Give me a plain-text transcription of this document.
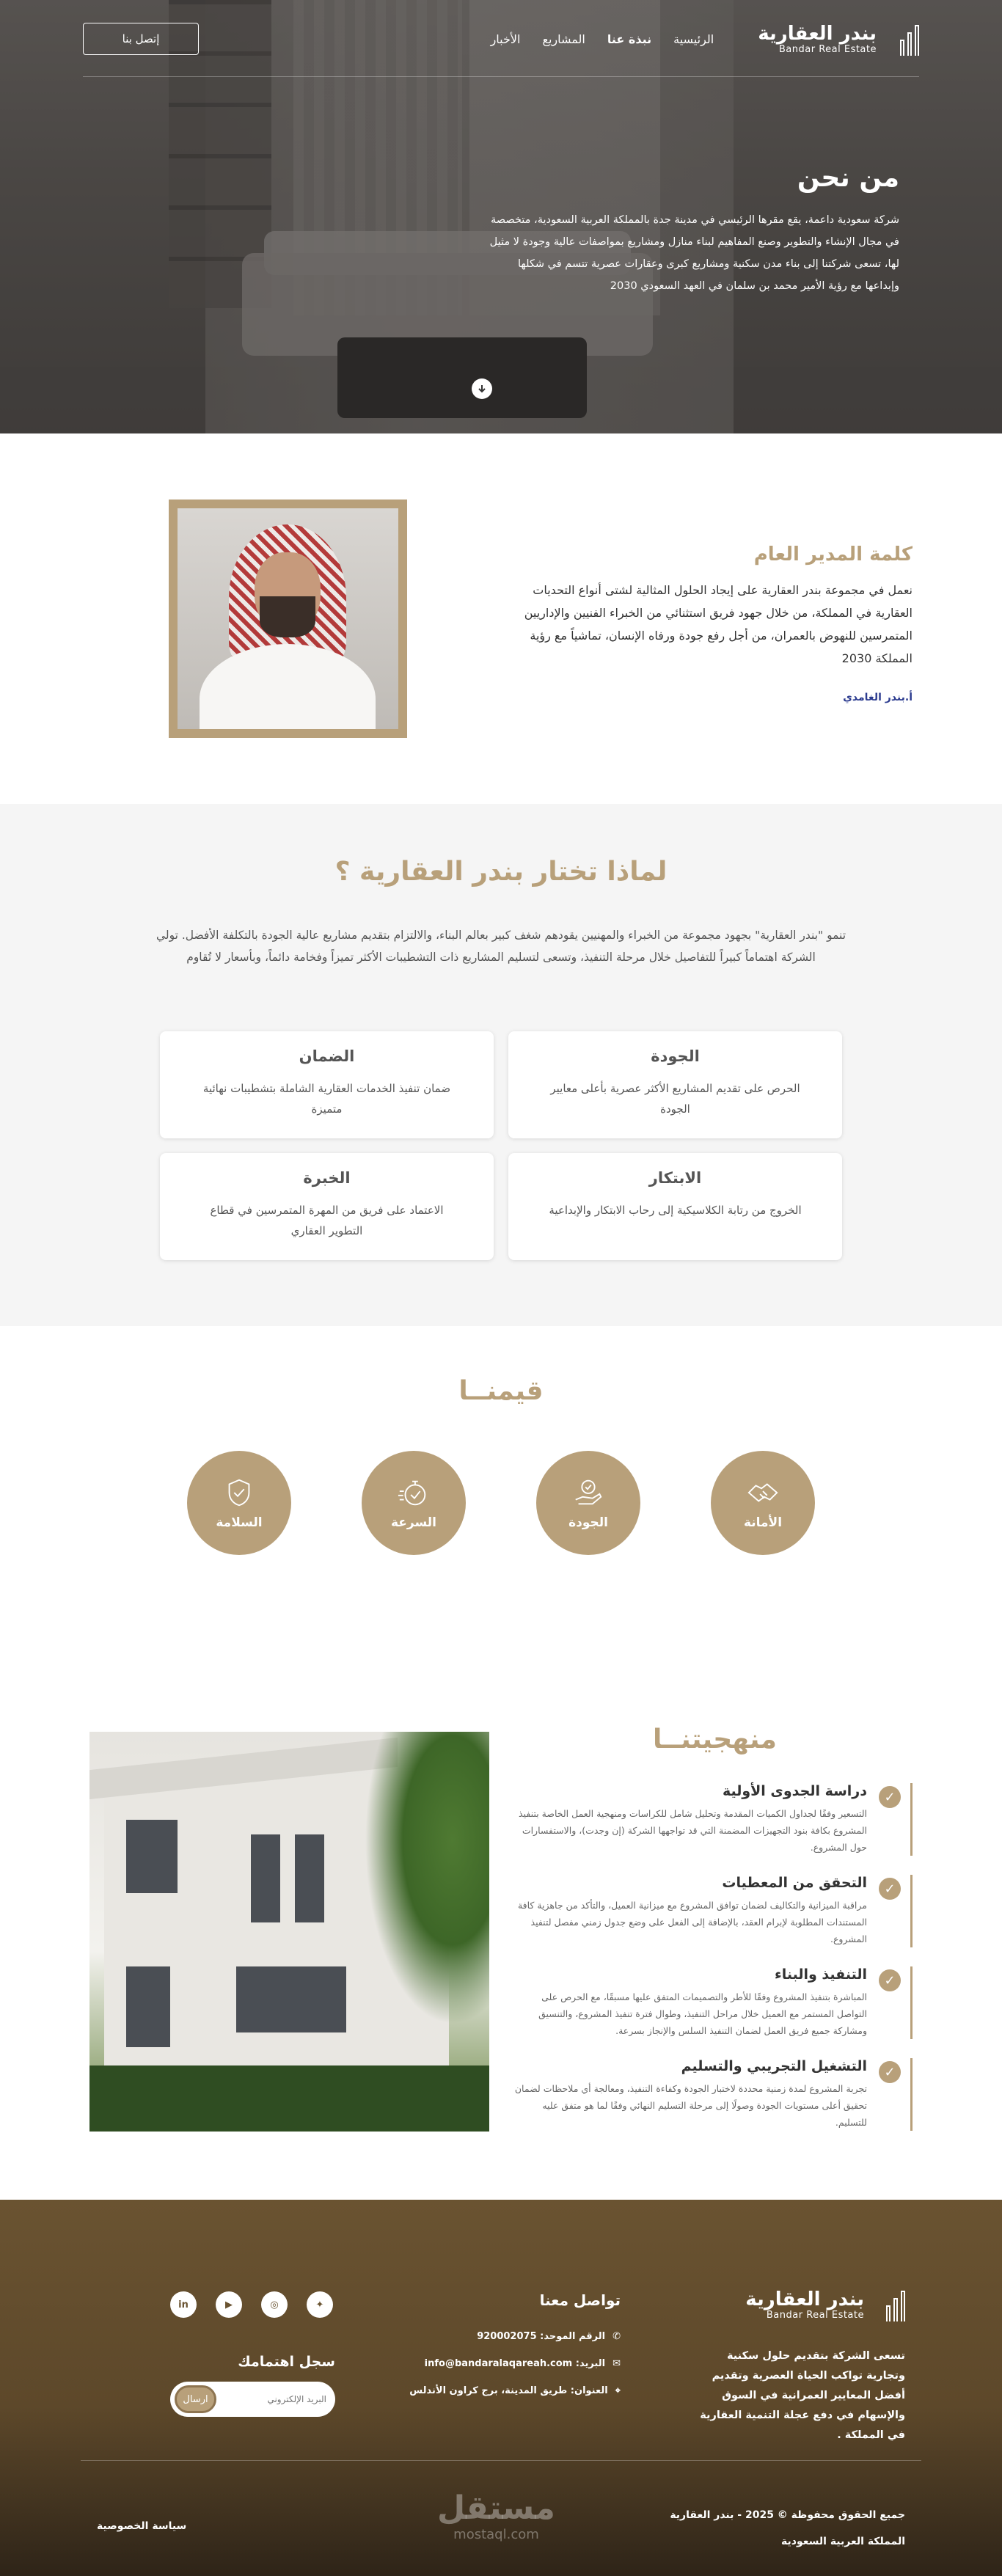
بندر العقارية
Bandar Real Estate
الرئيسية
نبذة عنا
المشاريع
الأخبار
إتصل بنا
من نحن

شركة سعودية داعمة، يقع مقرها الرئيسي في مدينة جدة بالمملكة العربية السعودية، متخصصة في مجال الإنشاء والتطوير وصنع المفاهيم لبناء منازل ومشاريع بمواصفات عالية وجودة لا مثيل لها، تسعى شركتنا إلى بناء مدن سكنية ومشاريع كبرى وعقارات عصرية تتسم في شكلها وإبداعها مع رؤية الأمير محمد بن سلمان في العهد السعودي 2030

كلمة المدير العام

نعمل في مجموعة بندر العقارية على إيجاد الحلول المثالية لشتى أنواع التحديات العقارية في المملكة، من خلال جهود فريق استثنائي من الخبراء الفنيين والإداريين المتمرسين للنهوض بالعمران، من أجل رفع جودة ورفاه الإنسان، تماشياً مع رؤية المملكة 2030

أ.بندر الغامدي

لماذا تختار بندر العقارية ؟

تنمو "بندر العقارية" بجهود مجموعة من الخبراء والمهنيين يقودهم شغف كبير بعالم البناء، والالتزام بتقديم مشاريع عالية الجودة بالتكلفة الأفضل. تولي الشركة اهتماماً كبيراً للتفاصيل خلال مرحلة التنفيذ، وتسعى لتسليم المشاريع ذات التشطيبات الأكثر تميزاً وفخامة دائماً، وبأسعار لا تُقاوم

الجودة

الحرص على تقديم المشاريع الأكثر عصرية بأعلى معايير الجودة

الضمان

ضمان تنفيذ الخدمات العقارية الشاملة بتشطيبات نهائية متميزة

الابتكار

الخروج من رتابة الكلاسيكية إلى رحاب الابتكار والإبداعية

الخبرة

الاعتماد على فريق من المهرة المتمرسين في قطاع التطوير العقاري

قيمنــا
الأمانة
الجودة
السرعة
السلامة
منهجيتنــا
✓
دراسة الجدوى الأولية

التسعير وفقًا لجداول الكميات المقدمة وتحليل شامل للكراسات ومنهجية العمل الخاصة بتنفيذ المشروع بكافة بنود التجهيزات المضمنة التي قد تواجهها الشركة (إن وجدت)، والاستفسارات حول المشروع.

✓
التحقق من المعطيات

مراقبة الميزانية والتكاليف لضمان توافق المشروع مع ميزانية العميل، والتأكد من جاهزية كافة المستندات المطلوبة لإبرام العقد، بالإضافة إلى الفعل على وضع جدول زمني مفصل لتنفيذ المشروع.

✓
التنفيذ والبناء

المباشرة بتنفيذ المشروع وفقًا للأطر والتصميمات المتفق عليها مسبقًا، مع الحرص على التواصل المستمر مع العميل خلال مراحل التنفيذ، وطوال فترة تنفيذ المشروع، والتنسيق ومشاركة جميع فريق العمل لضمان التنفيذ السلس والإنجاز بسرعة.

✓
التشغيل التجريبي والتسليم

تجربة المشروع لمدة زمنية محددة لاختبار الجودة وكفاءة التنفيذ، ومعالجة أي ملاحظات لضمان تحقيق أعلى مستويات الجودة وصولًا إلى مرحلة التسليم النهائي وفقًا لما هو متفق عليه للتسليم.

بندر العقارية
Bandar Real Estate

تسعى الشركة بتقديم حلول سكنية وتجارية تواكب الحياة العصرية وتقديم أفضل المعايير العمرانية في السوق والإسهام في دفع عجلة التنمية العقارية في المملكة .

تواصل معنا
✆
الرقم الموحد: 920002075
✉
البريد: info@bandaralaqareah.com
⌖
العنوان: طريق المدينة، برج كراون الأندلس
in	▶	◎	✦
سجل اهتمامك
ارسال
البريد الإلكتروني
جميع الحقوق محفوظة © 2025 - بندر العقارية
المملكة العربية السعودية
مستقل
mostaql.com
سياسة الخصوصية
